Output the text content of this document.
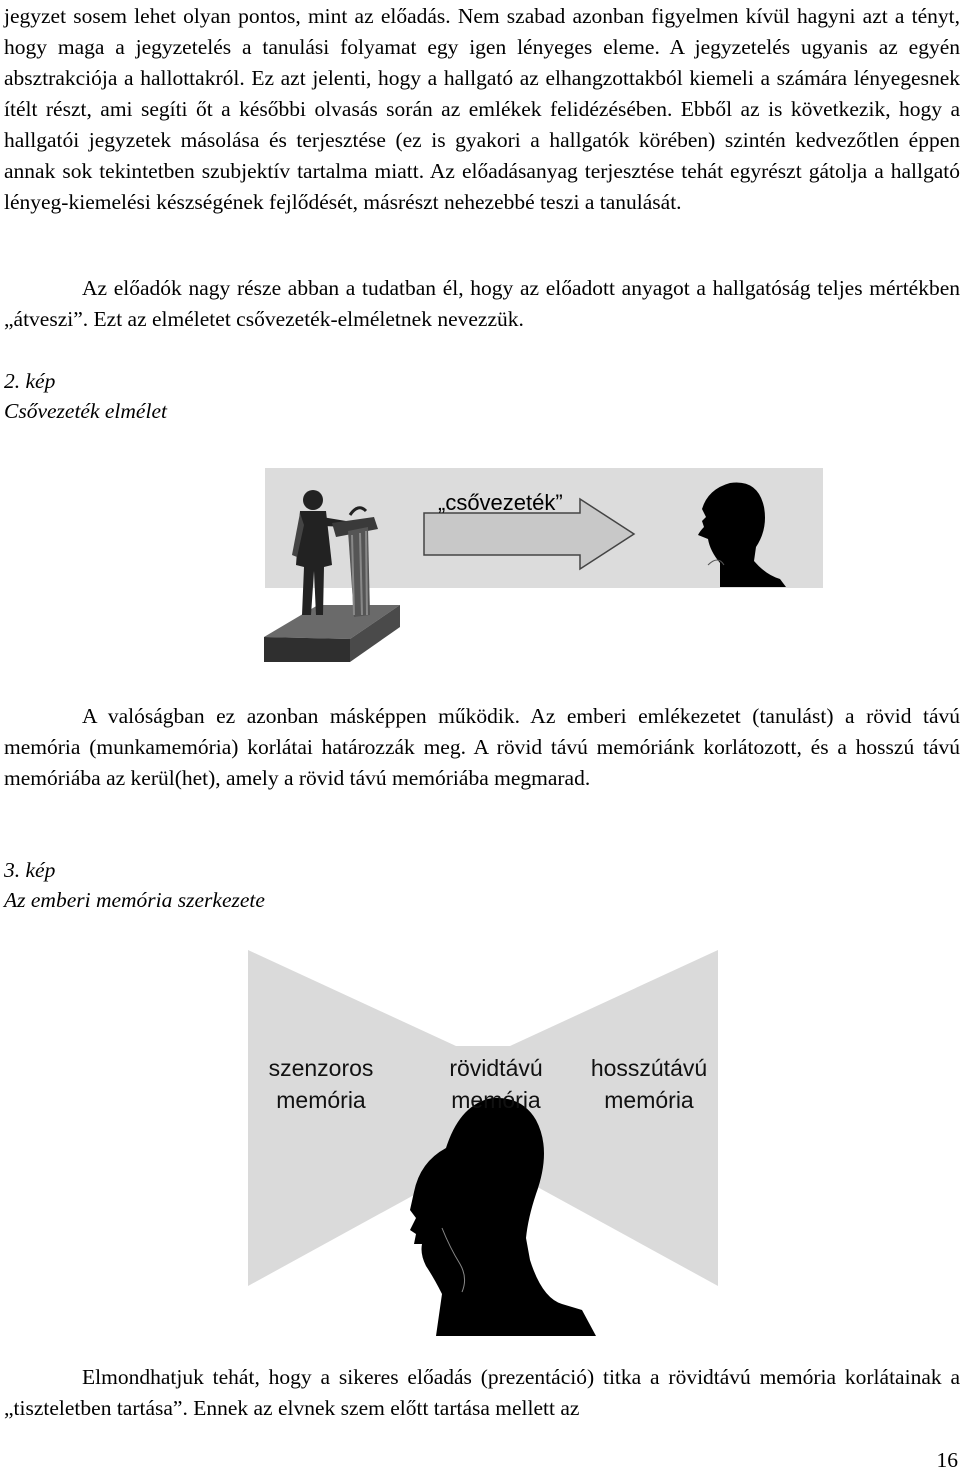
jegyzet sosem lehet olyan pontos, mint az előadás. Nem szabad azonban figyelmen kívül hagyni azt a tényt, hogy maga a jegyzetelés a tanulási folyamat egy igen lényeges eleme. A jegyzetelés ugyanis az egyén absztrakciója a hallottakról. Ez azt jelenti, hogy a hallgató az elhangzottakból kiemeli a számára lényegesnek ítélt részt, ami segíti őt a későbbi olvasás során az emlékek felidézésében. Ebből az is következik, hogy a hallgatói jegyzetek másolása és terjesztése (ez is gyakori a hallgatók körében) szintén kedvezőtlen éppen annak sok tekintetben szubjektív tartalma miatt. Az előadásanyag terjesztése tehát egyrészt gátolja a hallgató lényeg-kiemelési készségének fejlődését, másrészt nehezebbé teszi a tanulását.
Az előadók nagy része abban a tudatban él, hogy az előadott anyagot a hallgatóság teljes mértékben „átveszi”. Ezt az elméletet csővezeték-elméletnek nevezzük.
2. kép
Csővezeték elmélet
„csővezeték”
A valóságban ez azonban másképpen működik. Az emberi emlékezetet (tanulást) a rövid távú memória (munkamemória) korlátai határozzák meg. A rövid távú memóriánk korlátozott, és a hosszú távú memóriába az kerül(het), amely a rövid távú memóriába megmarad.
3. kép
Az emberi memória szerkezete
szenzoros
memória
rövidtávú
memória
hosszútávú
memória
Elmondhatjuk tehát, hogy a sikeres előadás (prezentáció) titka a rövidtávú memória korlátainak a „tiszteletben tartása”. Ennek az elvnek szem előtt tartása mellett az
16
